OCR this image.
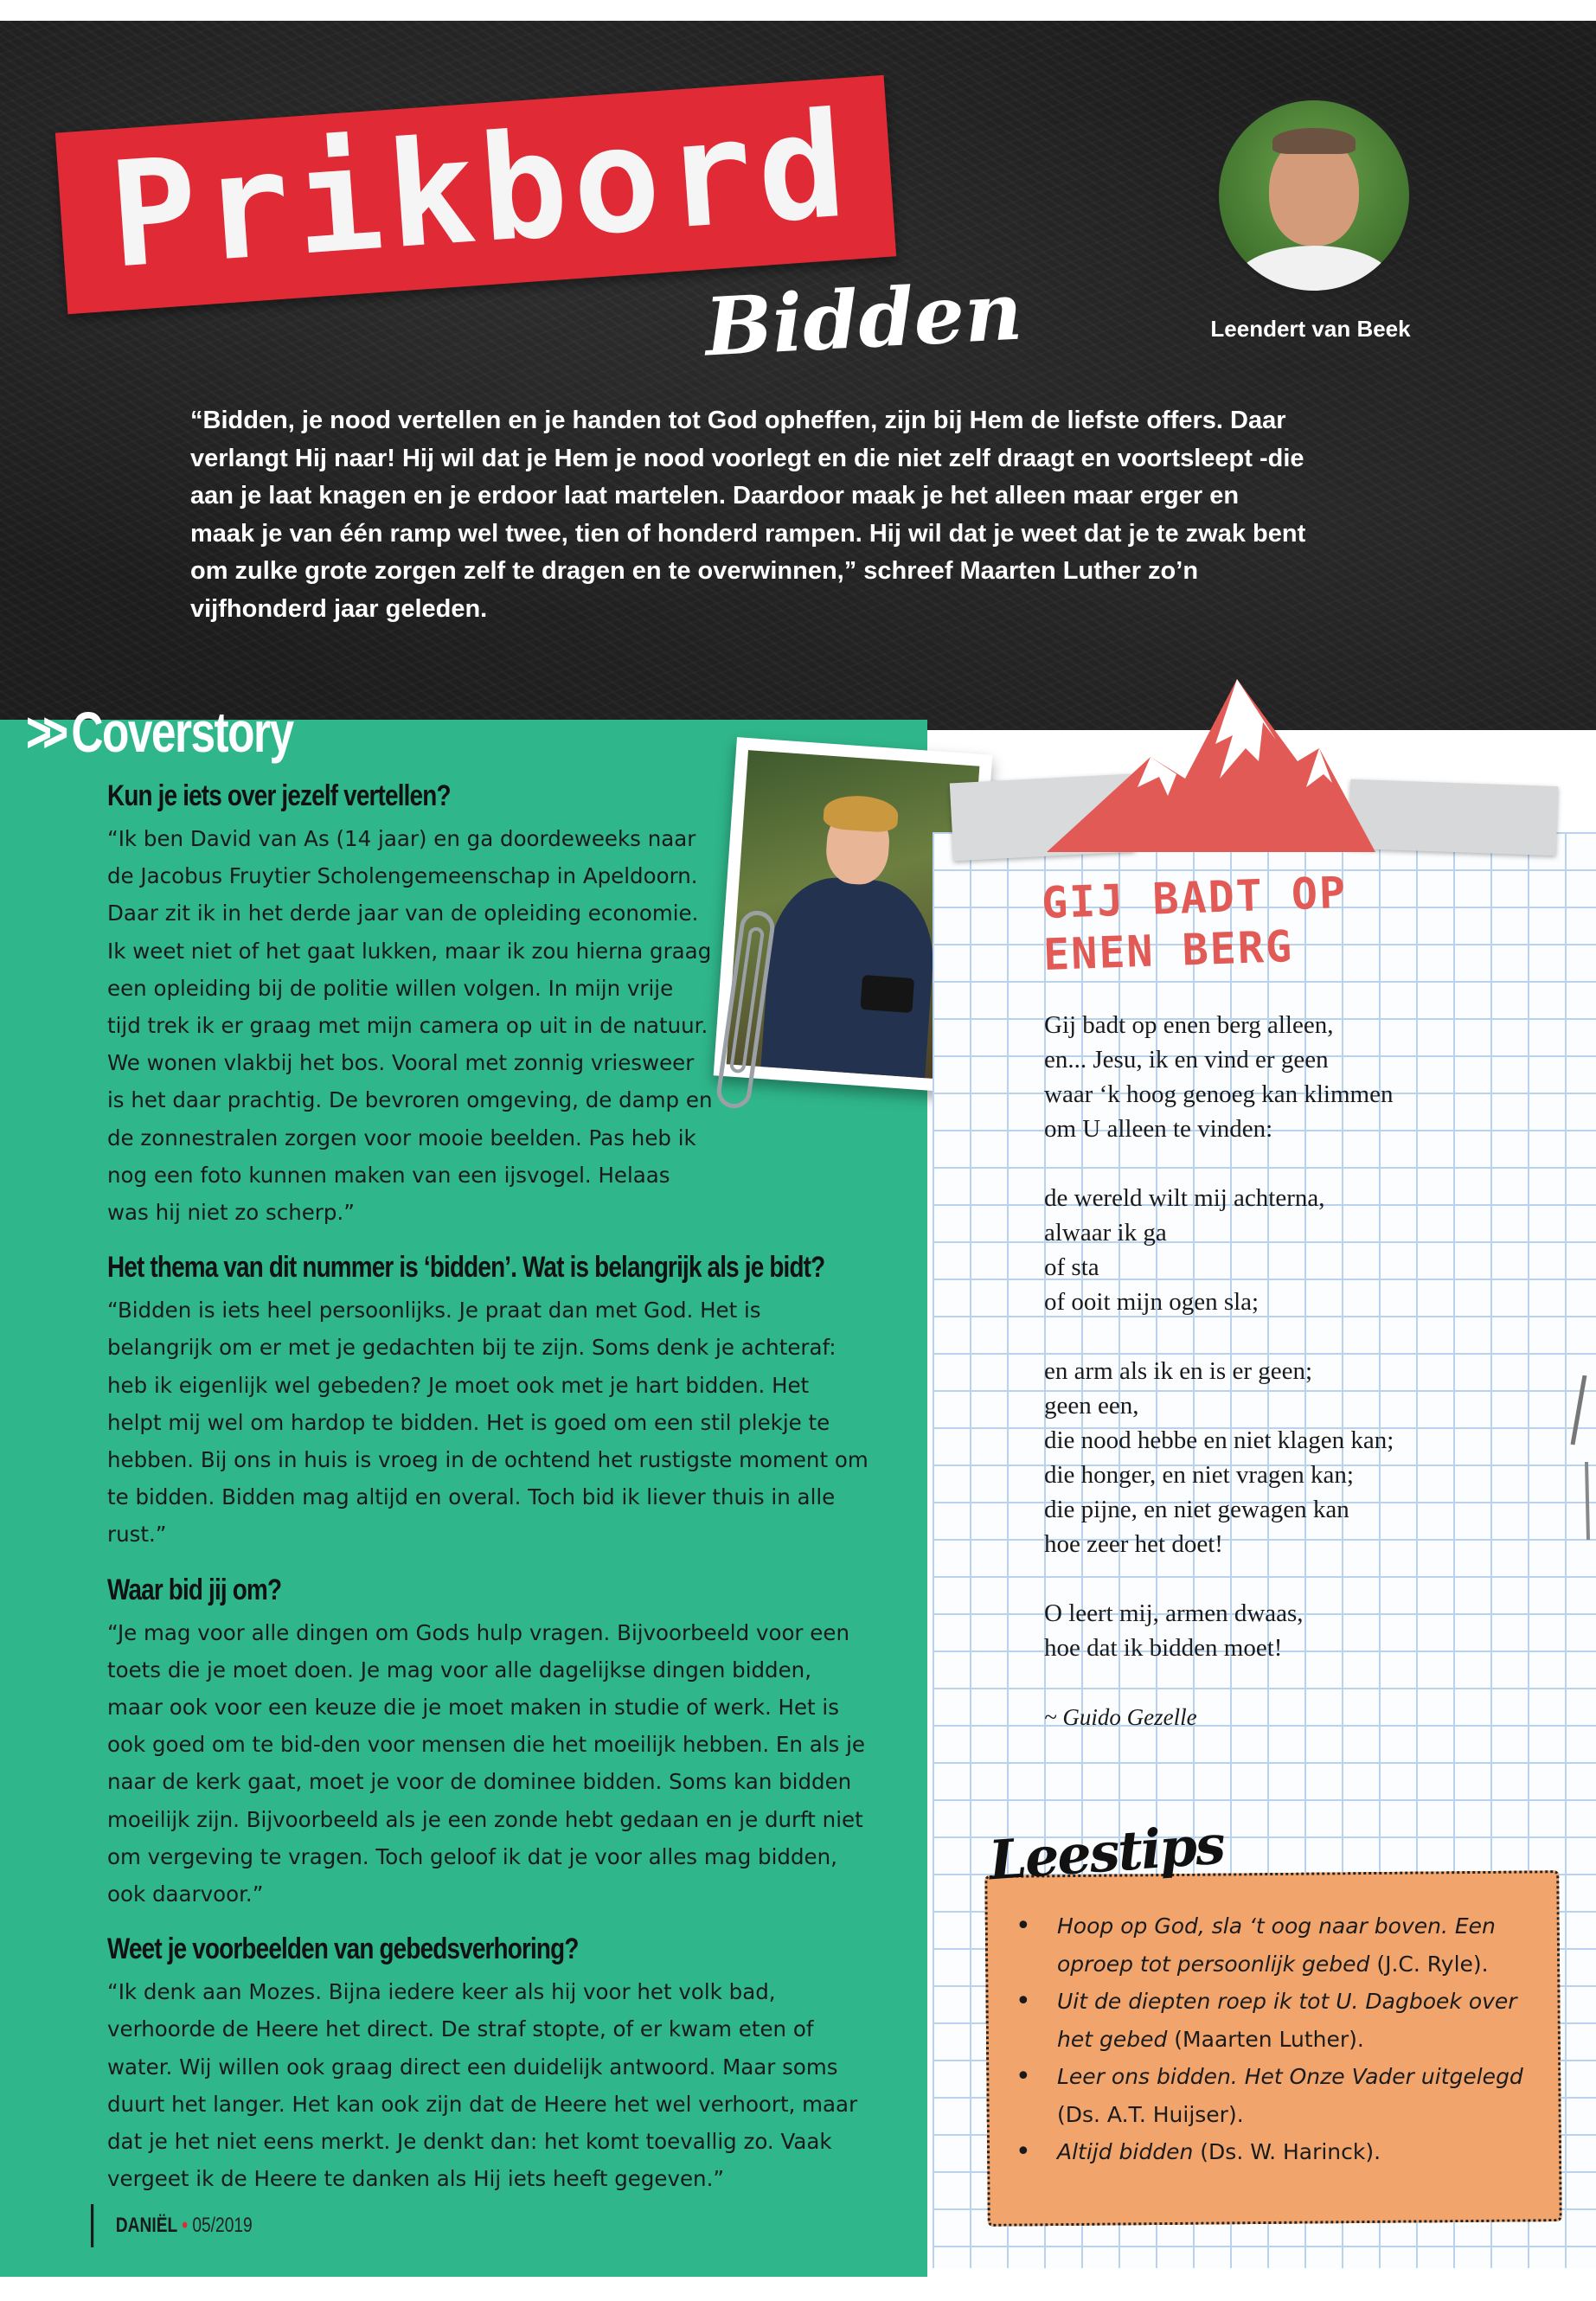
Prikbord
Bidden	Leendert van Beek
“Bidden, je nood vertellen en je handen tot God opheffen, zijn bij Hem de liefste offers. Daar verlangt Hij naar! Hij wil dat je Hem je nood voorlegt en die niet zelf draagt en voortsleept -die aan je laat knagen en je erdoor laat martelen. Daardoor maak je het alleen maar erger en maak je van één ramp wel twee, tien of honderd rampen. Hij wil dat je weet dat je te zwak bent om zulke grote zorgen zelf te dragen en te overwinnen,” schreef Maarten Luther zo’n vijfhonderd jaar geleden.
>> Coverstory
Kun je iets over jezelf vertellen?
“Ik ben David van As (14 jaar) en ga doordeweeks naar de Jacobus Fruytier Scholengemeenschap in Apeldoorn. Daar zit ik in het derde jaar van de opleiding economie. Ik weet niet of het gaat lukken, maar ik zou hierna graag een opleiding bij de politie willen volgen. In mijn vrije tijd trek ik er graag met mijn camera op uit in de natuur. We wonen vlakbij het bos. Vooral met zonnig vriesweer is het daar prachtig. De bevroren omgeving, de damp en de zonnestralen zorgen voor mooie beelden. Pas heb ik nog een foto kunnen maken van een ijsvogel. Helaas was hij niet zo scherp.”
Het thema van dit nummer is ‘bidden’. Wat is belangrijk als je bidt?
“Bidden is iets heel persoonlijks. Je praat dan met God. Het is belangrijk om er met je gedachten bij te zijn. Soms denk je achteraf: heb ik eigenlijk wel gebeden? Je moet ook met je hart bidden. Het helpt mij wel om hardop te bidden. Het is goed om een stil plekje te hebben. Bij ons in huis is vroeg in de ochtend het rustigste moment om te bidden. Bidden mag altijd en overal. Toch bid ik liever thuis in alle rust.”
Waar bid jij om?
“Je mag voor alle dingen om Gods hulp vragen. Bijvoorbeeld voor een toets die je moet doen. Je mag voor alle dagelijkse dingen bidden, maar ook voor een keuze die je moet maken in studie of werk. Het is ook goed om te bid-den voor mensen die het moeilijk hebben. En als je naar de kerk gaat, moet je voor de dominee bidden. Soms kan bidden moeilijk zijn. Bijvoorbeeld als je een zonde hebt gedaan en je durft niet om vergeving te vragen. Toch geloof ik dat je voor alles mag bidden, ook daarvoor.”
Weet je voorbeelden van gebedsverhoring?
“Ik denk aan Mozes. Bijna iedere keer als hij voor het volk bad, verhoorde de Heere het direct. De straf stopte, of er kwam eten of water. Wij willen ook graag direct een duidelijk antwoord. Maar soms duurt het langer. Het kan ook zijn dat de Heere het wel verhoort, maar dat je het niet eens merkt. Je denkt dan: het komt toevallig zo. Vaak vergeet ik de Heere te danken als Hij iets heeft gegeven.”
DANIËL • 05/2019
GIJ BADT OP
ENEN BERG
Gij badt op enen berg alleen,
en... Jesu, ik en vind er geen
waar ‘k hoog genoeg kan klimmen
om U alleen te vinden:
de wereld wilt mij achterna,
alwaar ik ga
of sta
of ooit mijn ogen sla;
en arm als ik en is er geen;
geen een,
die nood hebbe en niet klagen kan;
die honger, en niet vragen kan;
die pijne, en niet gewagen kan
hoe zeer het doet!
O leert mij, armen dwaas,
hoe dat ik bidden moet!
~ Guido Gezelle
Leestips
• Hoop op God, sla ‘t oog naar boven. Een oproep tot persoonlijk gebed (J.C. Ryle).
• Uit de diepten roep ik tot U. Dagboek over het gebed (Maarten Luther).
• Leer ons bidden. Het Onze Vader uitgelegd (Ds. A.T. Huijser).
• Altijd bidden (Ds. W. Harinck).
